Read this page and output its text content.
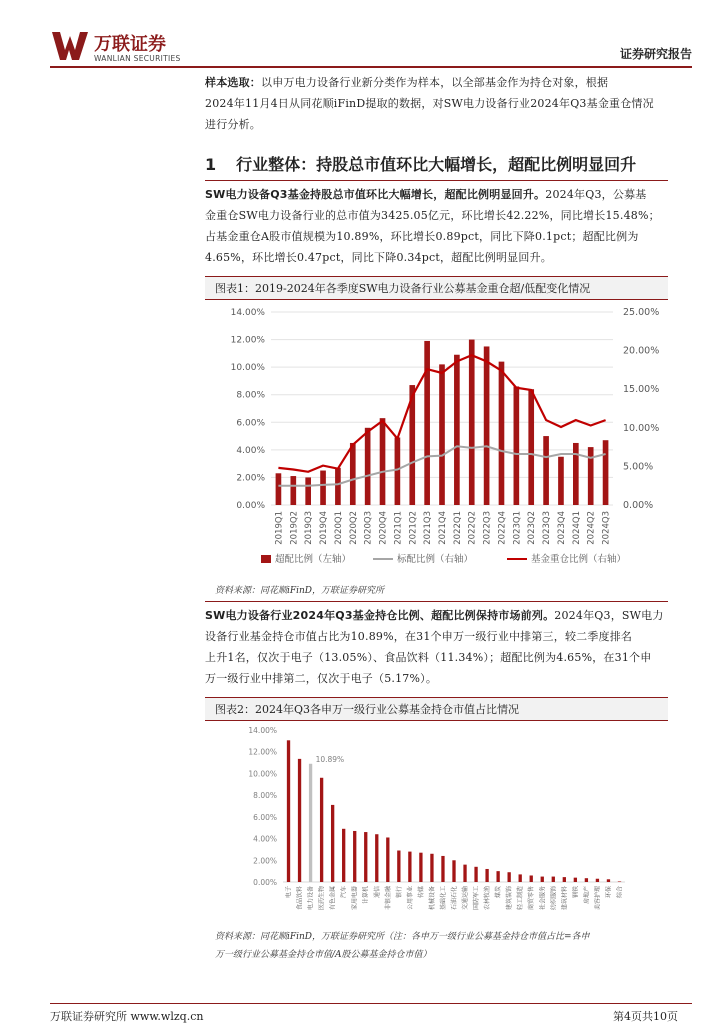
万联证券
WANLIAN SECURITIES	证券研究报告
样本选取：以申万电力设备行业新分类作为样本，以全部基金作为持仓对象，根据
2024年11月4日从同花顺iFinD提取的数据，对SW电力设备行业2024年Q3基金重仓情况
进行分析。
1 行业整体：持股总市值环比大幅增长，超配比例明显回升
SW电力设备Q3基金持股总市值环比大幅增长，超配比例明显回升。2024年Q3，公募基
金重仓SW电力设备行业的总市值为3425.05亿元，环比增长42.22%，同比增长15.48%；
占基金重仓A股市值规模为10.89%，环比增长0.89pct，同比下降0.1pct；超配比例为
4.65%，环比增长0.47pct，同比下降0.34pct，超配比例明显回升。
图表1：2019-2024年各季度SW电力设备行业公募基金重仓超/低配变化情况
0.00%
2.00%
4.00%
6.00%
8.00%
10.00%
12.00%
14.00%
0.00%
5.00%
10.00%
15.00%
20.00%
25.00%
2019Q1 2019Q2 2019Q3 2019Q4 2020Q1 2020Q2 2020Q3 2020Q4 2021Q1 2021Q2 2021Q3 2021Q4 2022Q1 2022Q2 2022Q3 2022Q4 2023Q1 2023Q2 2023Q3 2023Q4 2024Q1 2024Q2 2024Q3
超配比例（左轴）	标配比例（右轴）	基金重仓比例（右轴）
资料来源：同花顺iFinD，万联证券研究所
SW电力设备行业2024年Q3基金持仓比例、超配比例保持市场前列。2024年Q3，SW电力
设备行业基金持仓市值占比为10.89%，在31个申万一级行业中排第三，较二季度排名
上升1名，仅次于电子（13.05%）、食品饮料（11.34%）；超配比例为4.65%，在31个申
万一级行业中排第二，仅次于电子（5.17%）。
图表2：2024年Q3各申万一级行业公募基金持仓市值占比情况
0.00%
2.00%
4.00%
6.00%
8.00%
10.00%
12.00%
14.00%
电子 食品饮料
10.89%
电力设备 医药生物 有色金属 汽车 家用电器 计算机 通信 非银金融 银行 公用事业 传媒 机械设备 基础化工 石油石化 交通运输 国防军工 农林牧渔 煤炭 建筑装饰 轻工制造 商贸零售 社会服务 纺织服饰 建筑材料 钢铁 房地产 美容护理 环保 综合
资料来源：同花顺iFinD，万联证券研究所（注：各申万一级行业公募基金持仓市值占比=各申
万一级行业公募基金持仓市值/A股公募基金持仓市值）
万联证券研究所 www.wlzq.cn	第4页共10页
